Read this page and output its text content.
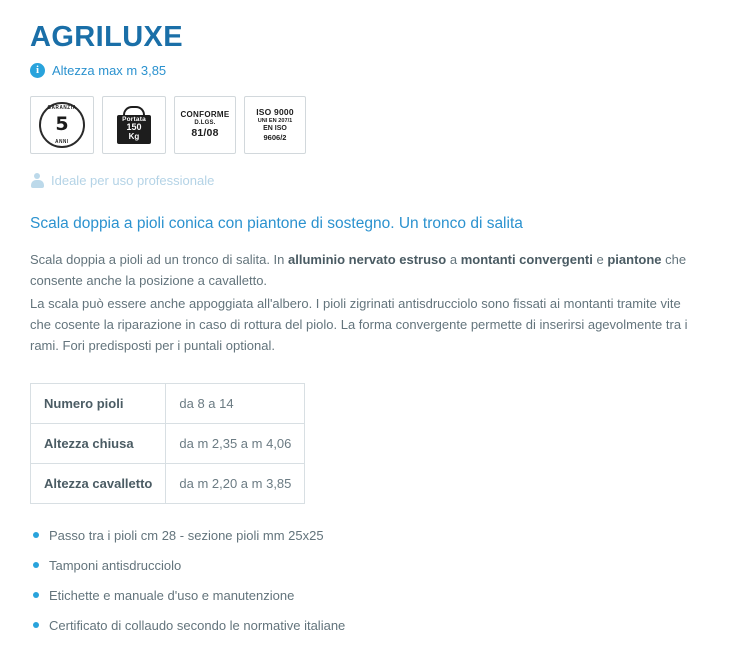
AGRILUXE
i Altezza max m 3,85
GARANZIA
5
ANNI
Portata
150
Kg
CONFORME
D.LGS.
81/08
ISO 9000
UNI EN 207/1
EN ISO
9606/2
Ideale per uso professionale
Scala doppia a pioli conica con piantone di sostegno. Un tronco di salita

Scala doppia a pioli ad un tronco di salita. In alluminio nervato estruso a montanti convergenti e piantone che consente anche la posizione a cavalletto.

La scala può essere anche appoggiata all'albero. I pioli zigrinati antisdrucciolo sono fissati ai montanti tramite vite che cosente la riparazione in caso di rottura del piolo. La forma convergente permette di inserirsi agevolmente tra i rami. Fori predisposti per i puntali optional.

Numero pioli	da 8 a 14
Altezza chiusa	da m 2,35 a m 4,06
Altezza cavalletto	da m 2,20 a m 3,85
Passo tra i pioli cm 28 - sezione pioli mm 25x25
Tamponi antisdrucciolo
Etichette e manuale d'uso e manutenzione
Certificato di collaudo secondo le normative italiane
